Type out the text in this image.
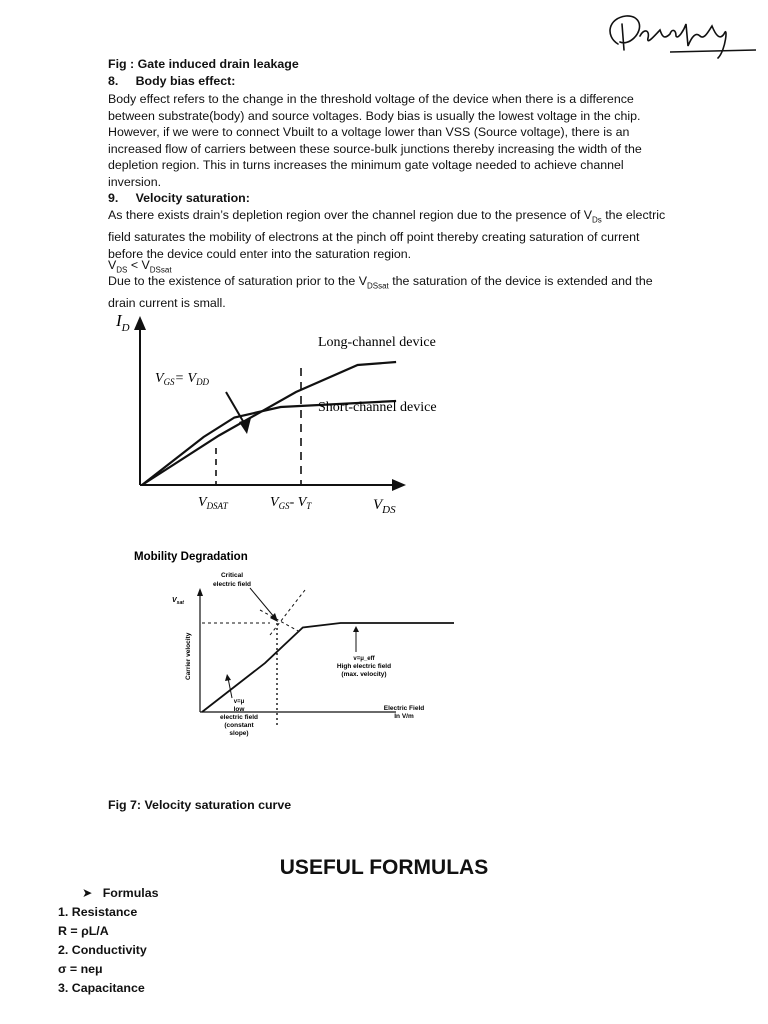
Fig : Gate induced drain leakage
8. Body bias effect:
Body effect refers to the change in the threshold voltage of the device when there is a difference between substrate(body) and source voltages. Body bias is usually the lowest voltage in the chip. However, if we were to connect Vbuilt to a voltage lower than VSS (Source voltage), there is an increased flow of carriers between these source-bulk junctions thereby increasing the width of the depletion region. This in turns increases the minimum gate voltage needed to achieve channel inversion.
9. Velocity saturation:
As there exists drain’s depletion region over the channel region due to the presence of $V_{Ds}$ the electric field saturates the mobility of electrons at the pinch off point thereby creating saturation of current before the device could enter into the saturation region.
$V_{DS} < V_{DSsat}$
Due to the existence of saturation prior to the $V_{DSsat}$ the saturation of the device is extended and the drain current is small.
$I_D$
$V_{DS}$
Long-channel device
Short-channel device
$V_{GS}= V_{DD}$
$V_{DSAT}$	$V_{GS}-$ $V_T$
Mobility Degradation
Critical
electric field
$V_{sat}$
Carrier velocity	v=μ_eff
High electric field
(max. velocity)
v=μ
low
electric field
(constant
slope)
Electric Field
In V/m
Fig 7: Velocity saturation curve
USEFUL FORMULAS
➤ Formulas
1. Resistance
R = ρL/A
2. Conductivity
σ = neμ
3. Capacitance
